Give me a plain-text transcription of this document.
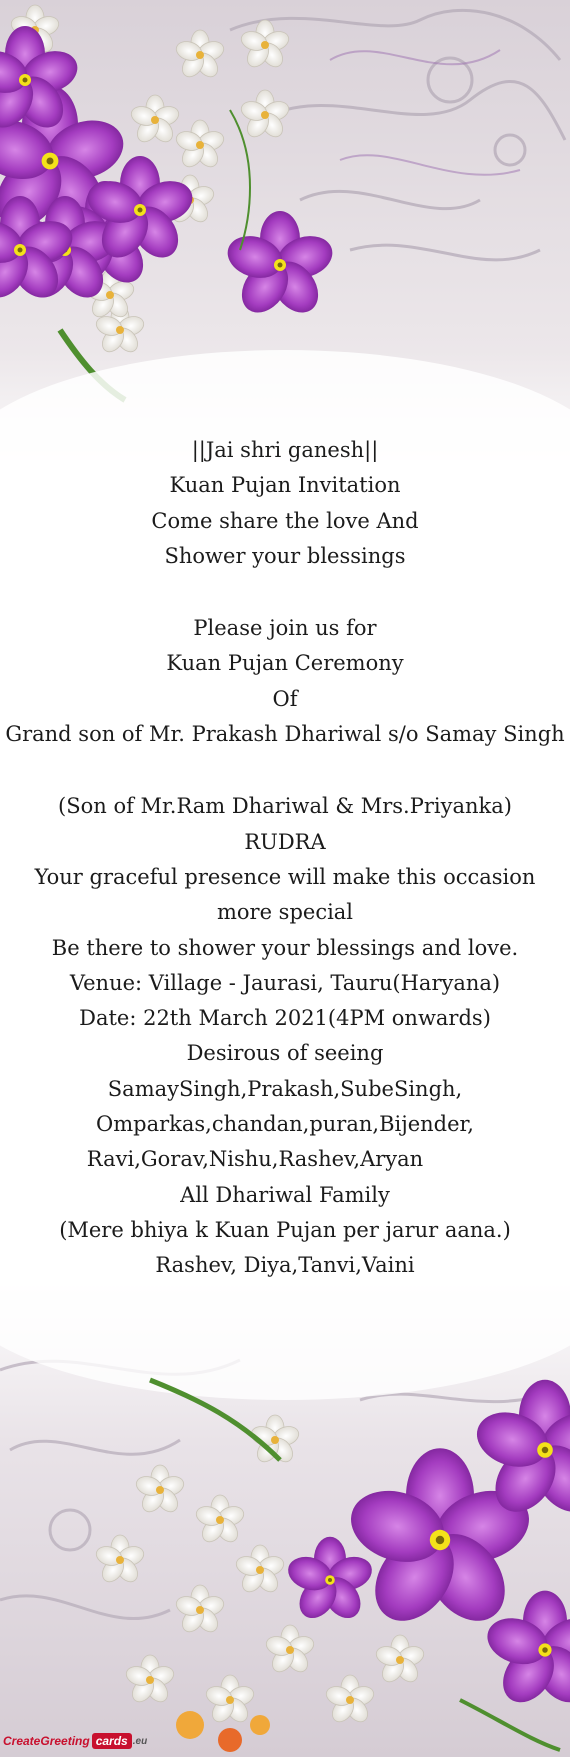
||Jai shri ganesh||
Kuan Pujan Invitation
Come share the love And
Shower your blessings
Please join us for
Kuan Pujan Ceremony
Of
Grand son of Mr. Prakash Dhariwal s/o Samay Singh
(Son of Mr.Ram Dhariwal & Mrs.Priyanka)
RUDRA
Your graceful presence will make this occasion more special
Be there to shower your blessings and love.
Venue: Village - Jaurasi, Tauru(Haryana)
Date: 22th March 2021(4PM onwards)
Desirous of seeing
SamaySingh,Prakash,SubeSingh,
Omparkas,chandan,puran,Bijender,
Ravi,Gorav,Nishu,Rashev,Aryan
All Dhariwal Family
(Mere bhiya k Kuan Pujan per jarur aana.)
Rashev, Diya,Tanvi,Vaini
CreateGreeting cards .eu
